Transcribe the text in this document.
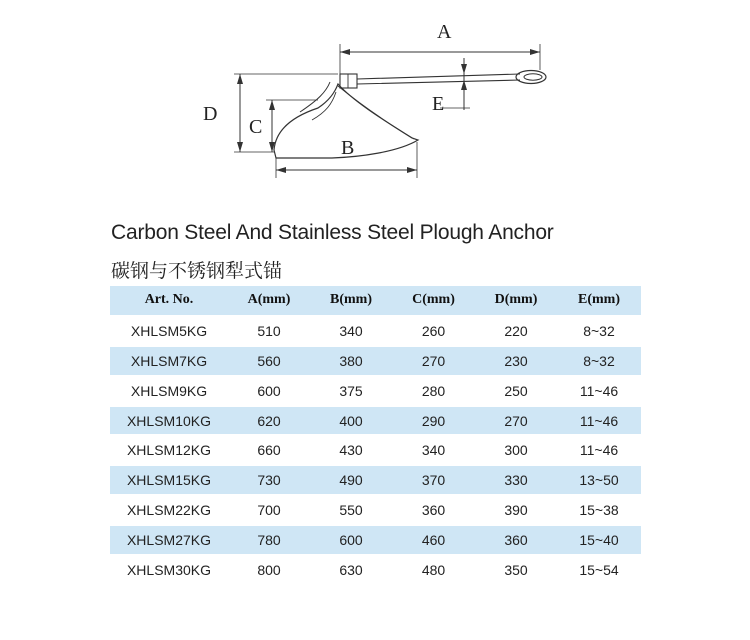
A
B
C
D	E
Carbon Steel And Stainless Steel Plough Anchor
碳钢与不锈钢犁式锚
Art. No.	A(mm)	B(mm)	C(mm)	D(mm)	E(mm)
XHLSM5KG	510	340	260	220	8~32
XHLSM7KG	560	380	270	230	8~32
XHLSM9KG	600	375	280	250	11~46
XHLSM10KG	620	400	290	270	11~46
XHLSM12KG	660	430	340	300	11~46
XHLSM15KG	730	490	370	330	13~50
XHLSM22KG	700	550	360	390	15~38
XHLSM27KG	780	600	460	360	15~40
XHLSM30KG	800	630	480	350	15~54
